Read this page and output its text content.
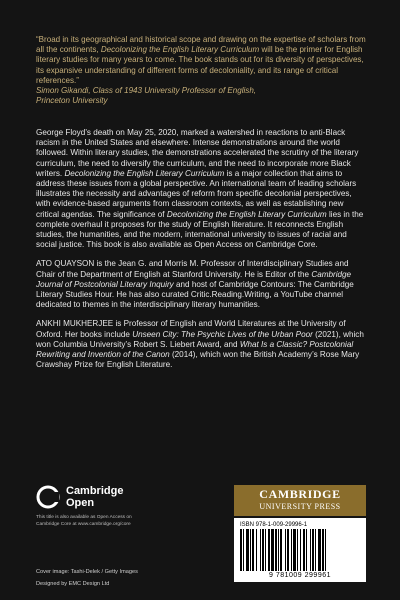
“Broad in its geographical and historical scope and drawing on the expertise of scholars from all the continents, Decolonizing the English Literary Curriculum will be the primer for English literary studies for many years to come. The book stands out for its diversity of perspectives, its expansive understanding of different forms of decoloniality, and its range of critical references.”

Simon Gikandi, Class of 1943 University Professor of English,

Princeton University

George Floyd’s death on May 25, 2020, marked a watershed in reactions to anti-Black racism in the United States and elsewhere. Intense demonstrations around the world followed. Within literary studies, the demonstrations accelerated the scrutiny of the literary curriculum, the need to diversify the curriculum, and the need to incorporate more Black writers. Decolonizing the English Literary Curriculum is a major collection that aims to address these issues from a global perspective. An international team of leading scholars illustrates the necessity and advantages of reform from specific decolonial perspectives, with evidence-based arguments from classroom contexts, as well as establishing new critical agendas. The significance of Decolonizing the English Literary Curriculum lies in the complete overhaul it proposes for the study of English literature. It reconnects English studies, the humanities, and the modern, international university to issues of racial and social justice. This book is also available as Open Access on Cambridge Core.

ATO QUAYSON is the Jean G. and Morris M. Professor of Interdisciplinary Studies and Chair of the Department of English at Stanford University. He is Editor of the Cambridge Journal of Postcolonial Literary Inquiry and host of Cambridge Contours: The Cambridge Literary Studies Hour. He has also curated Critic.Reading.Writing, a YouTube channel dedicated to themes in the interdisciplinary literary humanities.

ANKHI MUKHERJEE is Professor of English and World Literatures at the University of Oxford. Her books include Unseen City: The Psychic Lives of the Urban Poor (2021), which won Columbia University’s Robert S. Liebert Award, and What Is a Classic? Postcolonial Rewriting and Invention of the Canon (2014), which won the British Academy’s Rose Mary Crawshay Prize for English Literature.

Cambridge
Open
This title is also available as Open Access on
Cambridge Core at www.cambridge.org/core
Cover image: Tashi-Delek / Getty Images
Designed by EMC Design Ltd
CAMBRIDGE
UNIVERSITY PRESS
ISBN 978-1-009-29996-1
9 781009 299961
